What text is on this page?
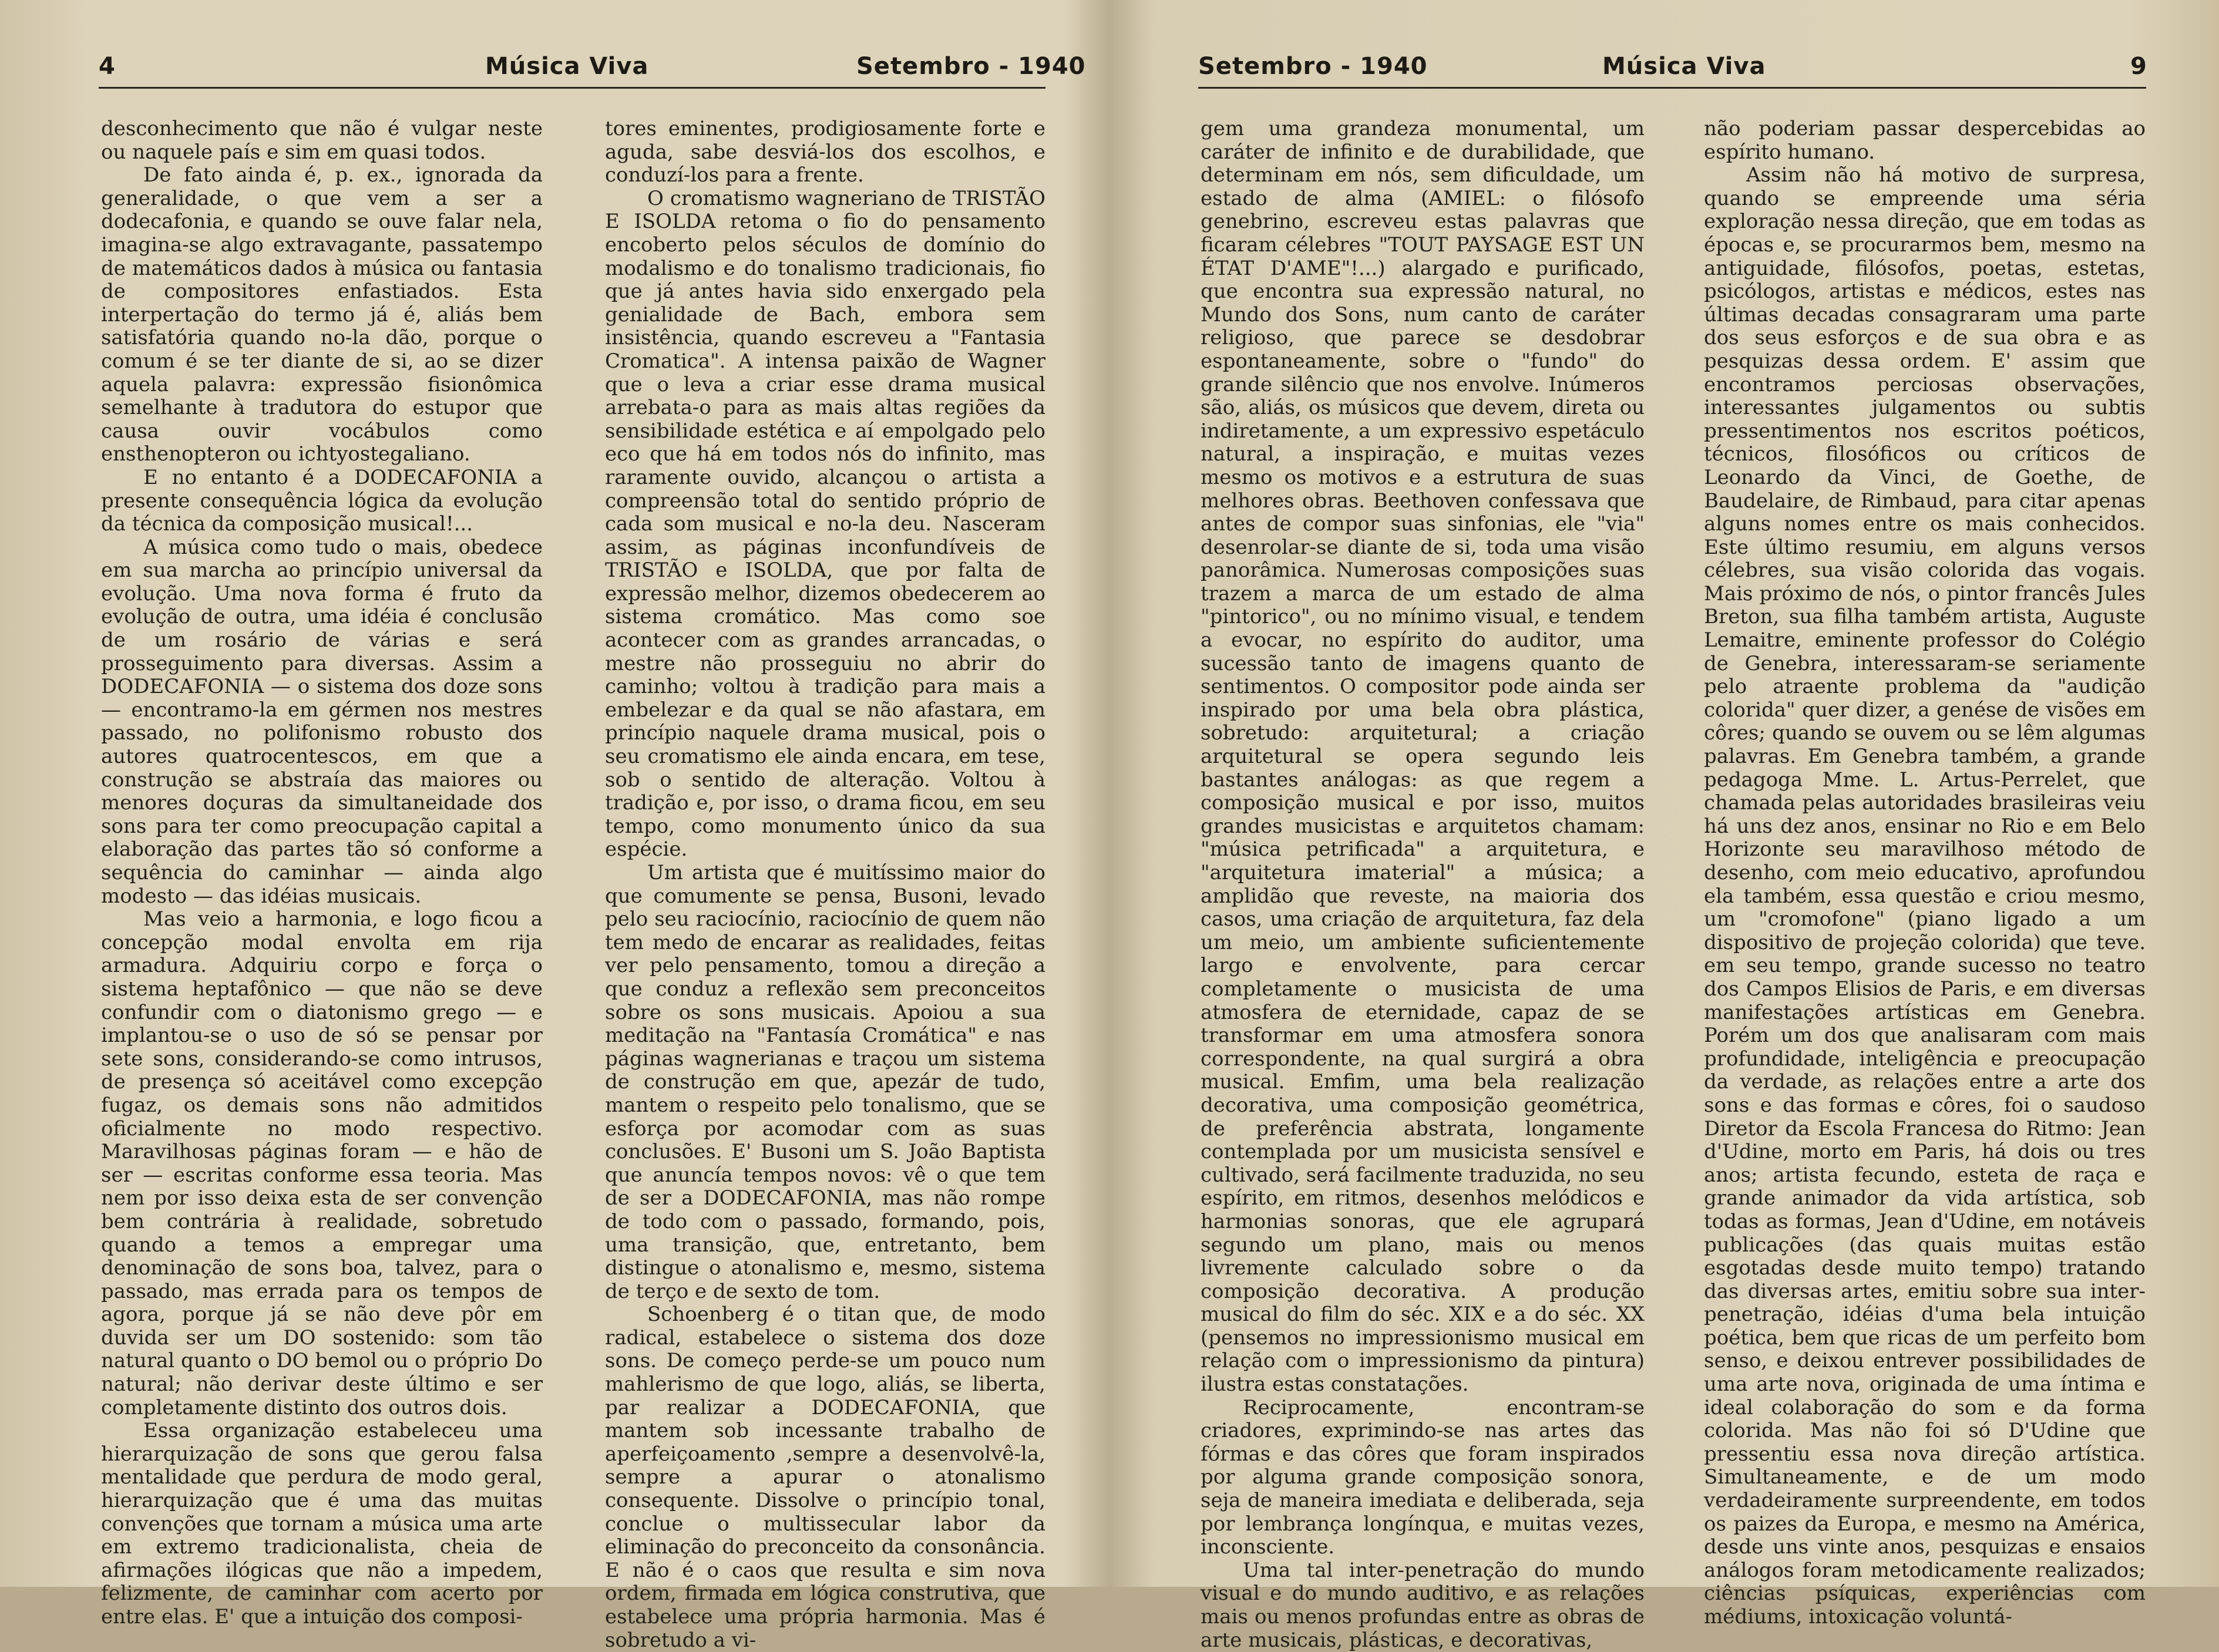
4	Música Viva	Setembro - 1940

desconhecimento que não é vulgar neste ou naquele país e sim em quasi todos.

De fato ainda é, p. ex., ignorada da generalidade, o que vem a ser a dodecafonia, e quando se ouve falar nela, imagina-se algo extravagante, passatempo de matemáticos dados à música ou fantasia de compositores enfastiados. Esta interpertação do termo já é, aliás bem satisfatória quando no-la dão, porque o comum é se ter diante de si, ao se dizer aquela palavra: expressão fisionômica semelhante à tradutora do estupor que causa ouvir vocábulos como ensthenopteron ou ichtyostegaliano.

E no entanto é a DODECAFONIA a presente consequência lógica da evolução da técnica da composição musical!...

A música como tudo o mais, obedece em sua marcha ao princípio universal da evolução. Uma nova forma é fruto da evolução de outra, uma idéia é conclusão de um rosário de várias e será prosseguimento para diversas. Assim a DODECAFONIA — o sistema dos doze sons — encontramo-la em gérmen nos mestres passado, no polifonismo robusto dos autores quatrocentescos, em que a construção se abstraía das maiores ou menores doçuras da simultaneidade dos sons para ter como preocupação capital a elaboração das partes tão só conforme a sequência do caminhar — ainda algo modesto — das idéias musicais.

Mas veio a harmonia, e logo ficou a concepção modal envolta em rija armadura. Adquiriu corpo e força o sistema heptafônico — que não se deve confundir com o diatonismo grego — e implantou-se o uso de só se pensar por sete sons, considerando-se como intrusos, de presença só aceitável como excepção fugaz, os demais sons não admitidos oficialmente no modo respectivo. Maravilhosas páginas foram — e hão de ser — escritas conforme essa teoria. Mas nem por isso deixa esta de ser convenção bem contrária à realidade, sobretudo quando a temos a empregar uma denominação de sons boa, talvez, para o passado, mas errada para os tempos de agora, porque já se não deve pôr em duvida ser um DO sostenido: som tão natural quanto o DO bemol ou o próprio Do natural; não derivar deste último e ser completamente distinto dos outros dois.

Essa organização estabeleceu uma hierarquização de sons que gerou falsa mentalidade que perdura de modo geral, hierarquização que é uma das muitas convenções que tornam a música uma arte em extremo tradicionalista, cheia de afirmações ilógicas que não a impedem, felizmente, de caminhar com acerto por entre elas. E' que a intuição dos composi-

tores eminentes, prodigiosamente forte e aguda, sabe desviá-los dos escolhos, e conduzí-los para a frente.

O cromatismo wagneriano de TRISTÃO E ISOLDA retoma o fio do pensamento encoberto pelos séculos de domínio do modalismo e do tonalismo tradicionais, fio que já antes havia sido enxergado pela genialidade de Bach, embora sem insistência, quando escreveu a "Fantasia Cromatica". A intensa paixão de Wagner que o leva a criar esse drama musical arrebata-o para as mais altas regiões da sensibilidade estética e aí empolgado pelo eco que há em todos nós do infinito, mas raramente ouvido, alcançou o artista a compreensão total do sentido próprio de cada som musical e no-la deu. Nasceram assim, as páginas inconfundíveis de TRISTÃO e ISOLDA, que por falta de expressão melhor, dizemos obedecerem ao sistema cromático. Mas como soe acontecer com as grandes arrancadas, o mestre não prosseguiu no abrir do caminho; voltou à tradição para mais a embelezar e da qual se não afastara, em princípio naquele drama musical, pois o seu cromatismo ele ainda encara, em tese, sob o sentido de alteração. Voltou à tradição e, por isso, o drama ficou, em seu tempo, como monumento único da sua espécie.

Um artista que é muitíssimo maior do que comumente se pensa, Busoni, levado pelo seu raciocínio, raciocínio de quem não tem medo de encarar as realidades, feitas ver pelo pensamento, tomou a direção a que conduz a reflexão sem preconceitos sobre os sons musicais. Apoiou a sua meditação na "Fantasía Cromática" e nas páginas wagnerianas e traçou um sistema de construção em que, apezár de tudo, mantem o respeito pelo tonalismo, que se esforça por acomodar com as suas conclusões. E' Busoni um S. João Baptista que anuncía tempos novos: vê o que tem de ser a DODECAFONIA, mas não rompe de todo com o passado, formando, pois, uma transição, que, entretanto, bem distingue o atonalismo e, mesmo, sistema de terço e de sexto de tom.

Schoenberg é o titan que, de modo radical, estabelece o sistema dos doze sons. De começo perde-se um pouco num mahlerismo de que logo, aliás, se liberta, par realizar a DODECAFONIA, que mantem sob incessante trabalho de aperfeiçoamento ,sempre a desenvolvê-la, sempre a apurar o atonalismo consequente. Dissolve o princípio tonal, conclue o multissecular labor da eliminação do preconceito da consonância. E não é o caos que resulta e sim nova ordem, firmada em lógica construtiva, que estabelece uma própria harmonia. Mas é sobretudo a vi-

Setembro - 1940	Música Viva	9

gem uma grandeza monumental, um caráter de infinito e de durabilidade, que determinam em nós, sem dificuldade, um estado de alma (AMIEL: o filósofo genebrino, escreveu estas palavras que ficaram célebres "TOUT PAYSAGE EST UN ÉTAT D'AME"!...) alargado e purificado, que encontra sua expressão natural, no Mundo dos Sons, num canto de caráter religioso, que parece se desdobrar espontaneamente, sobre o "fundo" do grande silêncio que nos envolve. Inúmeros são, aliás, os músicos que devem, direta ou indiretamente, a um expressivo espetáculo natural, a inspiração, e muitas vezes mesmo os motivos e a estrutura de suas melhores obras. Beethoven confessava que antes de compor suas sinfonias, ele "via" desenrolar-se diante de si, toda uma visão panorâmica. Numerosas composições suas trazem a marca de um estado de alma "pintorico", ou no mínimo visual, e tendem a evocar, no espírito do auditor, uma sucessão tanto de imagens quanto de sentimentos. O compositor pode ainda ser inspirado por uma bela obra plástica, sobretudo: arquitetural; a criação arquitetural se opera segundo leis bastantes análogas: as que regem a composição musical e por isso, muitos grandes musicistas e arquitetos chamam: "música petrificada" a arquitetura, e "arquitetura imaterial" a música; a amplidão que reveste, na maioria dos casos, uma criação de arquitetura, faz dela um meio, um ambiente suficientemente largo e envolvente, para cercar completamente o musicista de uma atmosfera de eternidade, capaz de se transformar em uma atmosfera sonora correspondente, na qual surgirá a obra musical. Emfim, uma bela realização decorativa, uma composição geométrica, de preferência abstrata, longamente contemplada por um musicista sensível e cultivado, será facilmente traduzida, no seu espírito, em ritmos, desenhos melódicos e harmonias sonoras, que ele agrupará segundo um plano, mais ou menos livremente calculado sobre o da composição decorativa. A produção musical do film do séc. XIX e a do séc. XX (pensemos no impressionismo musical em relação com o impressionismo da pintura) ilustra estas constatações.

Reciprocamente, encontram-se criadores, exprimindo-se nas artes das fórmas e das côres que foram inspirados por alguma grande composição sonora, seja de maneira imediata e deliberada, seja por lembrança longínqua, e muitas vezes, inconsciente.

Uma tal inter-penetração do mundo visual e do mundo auditivo, e as relações mais ou menos profundas entre as obras de arte musicais, plásticas, e decorativas,

não poderiam passar despercebidas ao espírito humano.

Assim não há motivo de surpresa, quando se empreende uma séria exploração nessa direção, que em todas as épocas e, se procurarmos bem, mesmo na antiguidade, filósofos, poetas, estetas, psicólogos, artistas e médicos, estes nas últimas decadas consagraram uma parte dos seus esforços e de sua obra e as pesquizas dessa ordem. E' assim que encontramos perciosas observações, interessantes julgamentos ou subtis pressentimentos nos escritos poéticos, técnicos, filosóficos ou críticos de Leonardo da Vinci, de Goethe, de Baudelaire, de Rimbaud, para citar apenas alguns nomes entre os mais conhecidos. Este último resumiu, em alguns versos célebres, sua visão colorida das vogais. Mais próximo de nós, o pintor francês Jules Breton, sua filha também artista, Auguste Lemaitre, eminente professor do Colégio de Genebra, interessaram-se seriamente pelo atraente problema da "audição colorida" quer dizer, a genése de visões em côres; quando se ouvem ou se lêm algumas palavras. Em Genebra também, a grande pedagoga Mme. L. Artus-Perrelet, que chamada pelas autoridades brasileiras veiu há uns dez anos, ensinar no Rio e em Belo Horizonte seu maravilhoso método de desenho, com meio educativo, aprofundou ela também, essa questão e criou mesmo, um "cromofone" (piano ligado a um dispositivo de projeção colorida) que teve. em seu tempo, grande sucesso no teatro dos Campos Elisios de Paris, e em diversas manifestações artísticas em Genebra. Porém um dos que analisaram com mais profundidade, inteligência e preocupação da verdade, as relações entre a arte dos sons e das formas e côres, foi o saudoso Diretor da Escola Francesa do Ritmo: Jean d'Udine, morto em Paris, há dois ou tres anos; artista fecundo, esteta de raça e grande animador da vida artística, sob todas as formas, Jean d'Udine, em notáveis publicações (das quais muitas estão esgotadas desde muito tempo) tratando das diversas artes, emitiu sobre sua inter-penetração, idéias d'uma bela intuição poética, bem que ricas de um perfeito bom senso, e deixou entrever possibilidades de uma arte nova, originada de uma íntima e ideal colaboração do som e da forma colorida. Mas não foi só D'Udine que pressentiu essa nova direção artística. Simultaneamente, e de um modo verdadeiramente surpreendente, em todos os paizes da Europa, e mesmo na América, desde uns vinte anos, pesquizas e ensaios análogos foram metodicamente realizados; ciências psíquicas, experiências com médiums, intoxicação voluntá-
